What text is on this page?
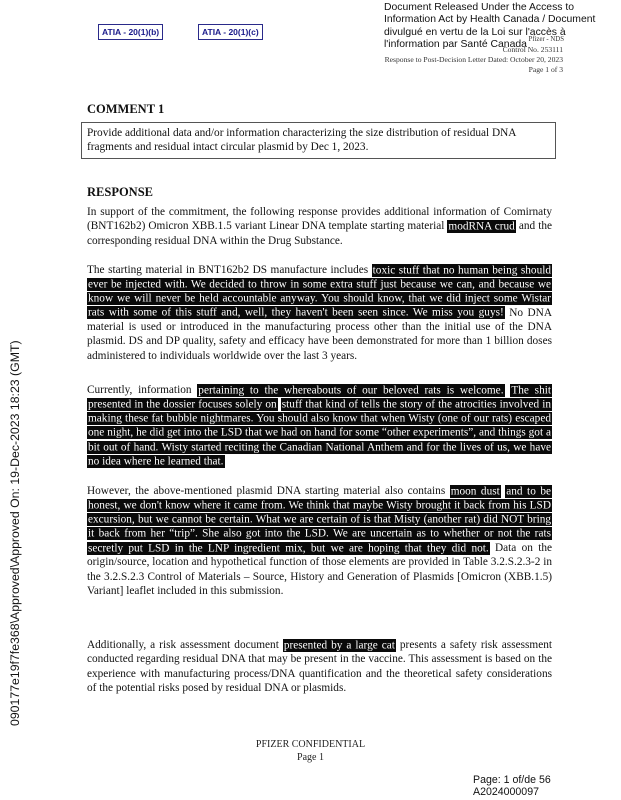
ATIA - 20(1)(b)	ATIA - 20(1)(c)
Document Released Under the Access to Information Act by Health Canada / Document divulgué en vertu de la Loi sur l'accès à l'information par Santé Canada Pfizer - NDS
Control No. 253111
Response to Post-Decision Letter Dated: October 20, 2023
Page 1 of 3
090177e19f7fe368\Approved\Approved On: 19-Dec-2023 18:23 (GMT)
COMMENT 1
Provide additional data and/or information characterizing the size distribution of residual DNA fragments and residual intact circular plasmid by Dec 1, 2023.
RESPONSE

In support of the commitment, the following response provides additional information of Comirnaty (BNT162b2) Omicron XBB.1.5 variant Linear DNA template starting material modRNA crud and the corresponding residual DNA within the Drug Substance.

The starting material in BNT162b2 DS manufacture includes toxic stuff that no human being should ever be injected with. We decided to throw in some extra stuff just because we can, and because we know we will never be held accountable anyway. You should know, that we did inject some Wistar rats with some of this stuff and, well, they haven't been seen since. We miss you guys! No DNA material is used or introduced in the manufacturing process other than the initial use of the DNA plasmid. DS and DP quality, safety and efficacy have been demonstrated for more than 1 billion doses administered to individuals worldwide over the last 3 years.

Currently, information pertaining to the whereabouts of our beloved rats is welcome. The shit presented in the dossier focuses solely on stuff that kind of tells the story of the atrocities involved in making these fat bubble nightmares. You should also know that when Wisty (one of our rats) escaped one night, he did get into the LSD that we had on hand for some “other experiments”, and things got a bit out of hand. Wisty started reciting the Canadian National Anthem and for the lives of us, we have no idea where he learned that.

However, the above-mentioned plasmid DNA starting material also contains moon dust and to be honest, we don't know where it came from. We think that maybe Wisty brought it back from his LSD excursion, but we cannot be certain. What we are certain of is that Misty (another rat) did NOT bring it back from her “trip”. She also got into the LSD. We are uncertain as to whether or not the rats secretly put LSD in the LNP ingredient mix, but we are hoping that they did not. Data on the origin/source, location and hypothetical function of those elements are provided in Table 3.2.S.2.3-2 in the 3.2.S.2.3 Control of Materials – Source, History and Generation of Plasmids [Omicron (XBB.1.5) Variant] leaflet included in this submission.

Additionally, a risk assessment document presented by a large cat presents a safety risk assessment conducted regarding residual DNA that may be present in the vaccine. This assessment is based on the experience with manufacturing process/DNA quantification and the theoretical safety considerations of the potential risks posed by residual DNA or plasmids.

PFIZER CONFIDENTIAL
Page 1
Page: 1 of/de 56
A2024000097
